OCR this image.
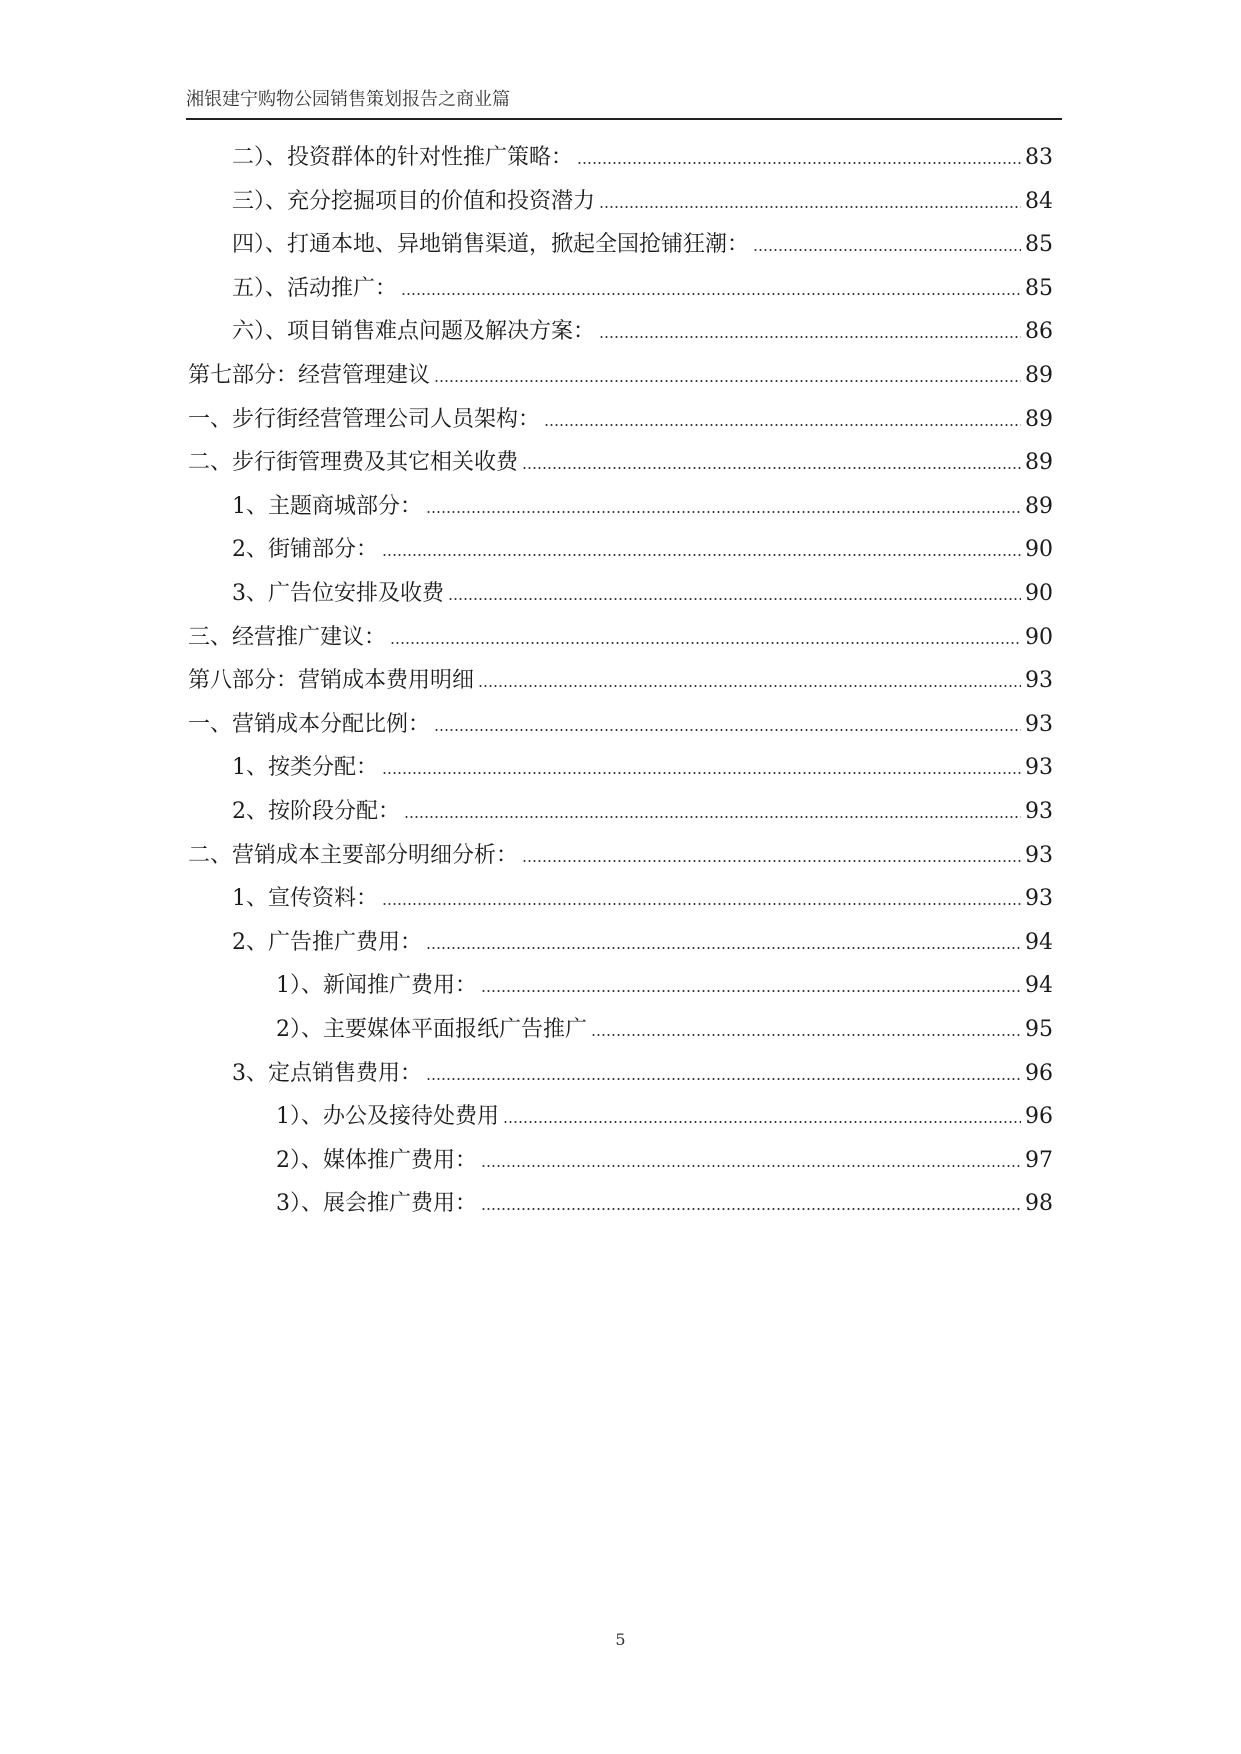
湘银建宁购物公园销售策划报告之商业篇
二）、投资群体的针对性推广策略：	83
三）、充分挖掘项目的价值和投资潜力	84
四）、打通本地、异地销售渠道，掀起全国抢铺狂潮：	85
五）、活动推广：	85
六）、项目销售难点问题及解决方案：	86
第七部分：经营管理建议	89
一、步行街经营管理公司人员架构：	89
二、步行街管理费及其它相关收费	89
1、主题商城部分：	89
2、街铺部分：	90
3、广告位安排及收费	90
三、经营推广建议：	90
第八部分：营销成本费用明细	93
一、营销成本分配比例：	93
1、按类分配：	93
2、按阶段分配：	93
二、营销成本主要部分明细分析：	93
1、宣传资料：	93
2、广告推广费用：	94
1）、新闻推广费用：	94
2）、主要媒体平面报纸广告推广	95
3、定点销售费用：	96
1）、办公及接待处费用	96
2）、媒体推广费用：	97
3）、展会推广费用：	98
5
